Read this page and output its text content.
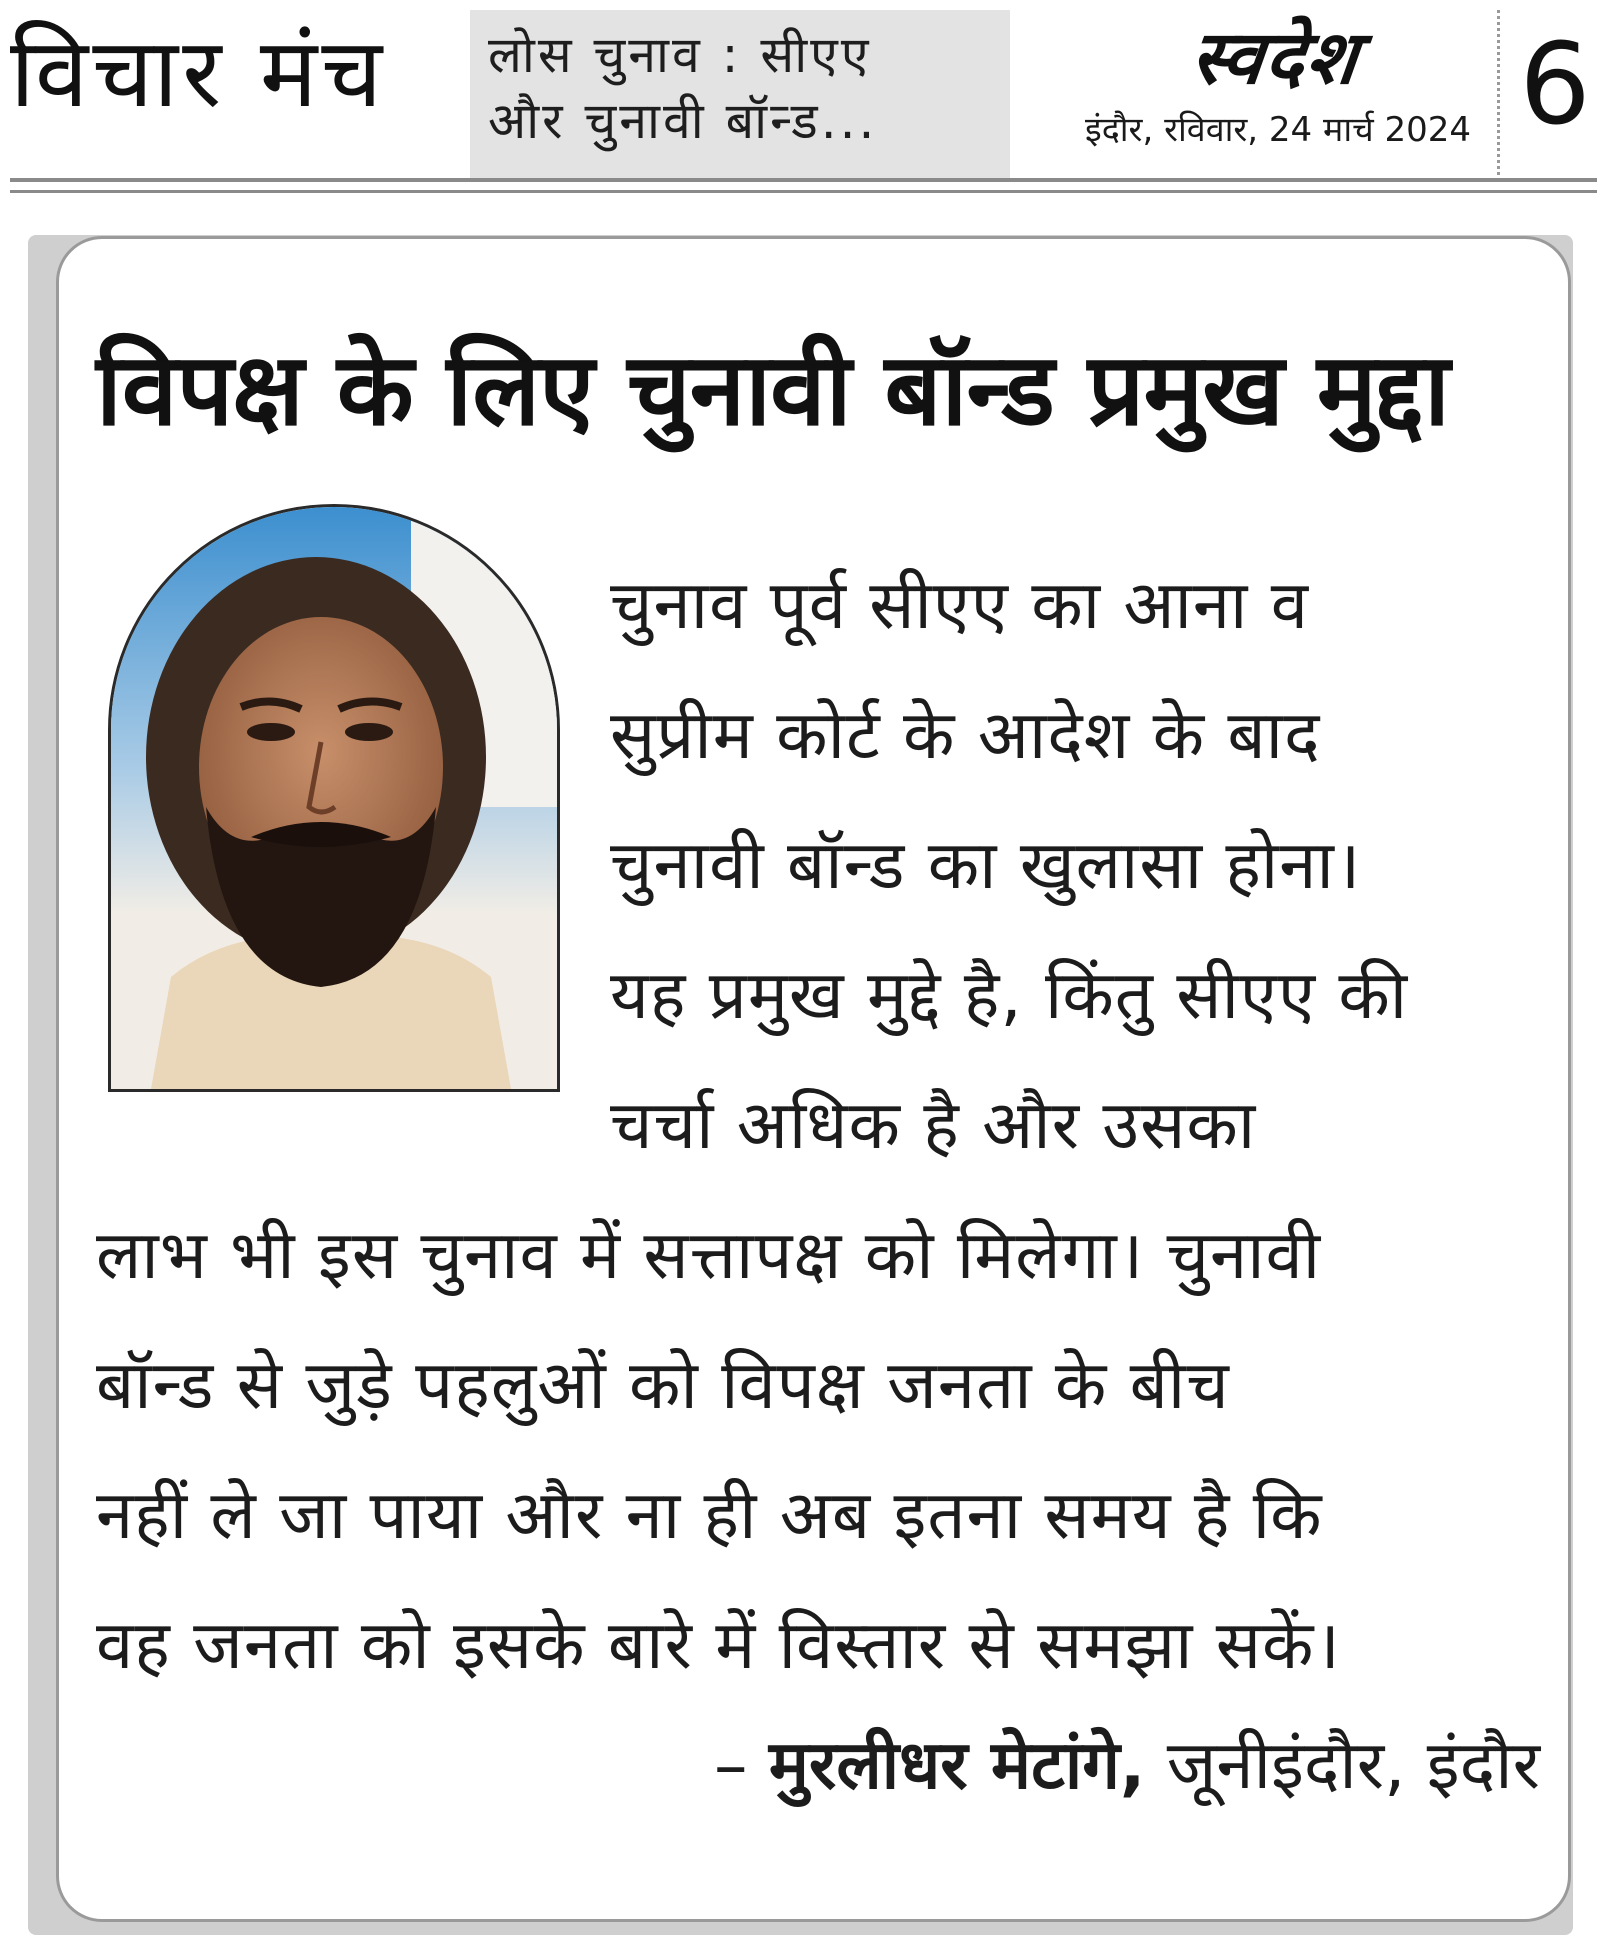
विचार मंच लोस चुनाव : सीएए
और चुनावी बॉन्ड...
स्वदेश
इंदौर, रविवार, 24 मार्च 2024 6
विपक्ष के लिए चुनावी बॉन्ड प्रमुख मुद्दा
चुनाव पूर्व सीएए का आना व
सुप्रीम कोर्ट के आदेश के बाद
चुनावी बॉन्ड का खुलासा होना।
यह प्रमुख मुद्दे है, किंतु सीएए की
चर्चा अधिक है और उसका
लाभ भी इस चुनाव में सत्तापक्ष को मिलेगा। चुनावी
बॉन्ड से जुड़े पहलुओं को विपक्ष जनता के बीच
नहीं ले जा पाया और ना ही अब इतना समय है कि
वह जनता को इसके बारे में विस्तार से समझा सकें।
– मुरलीधर मेटांगे, जूनीइंदौर, इंदौर
